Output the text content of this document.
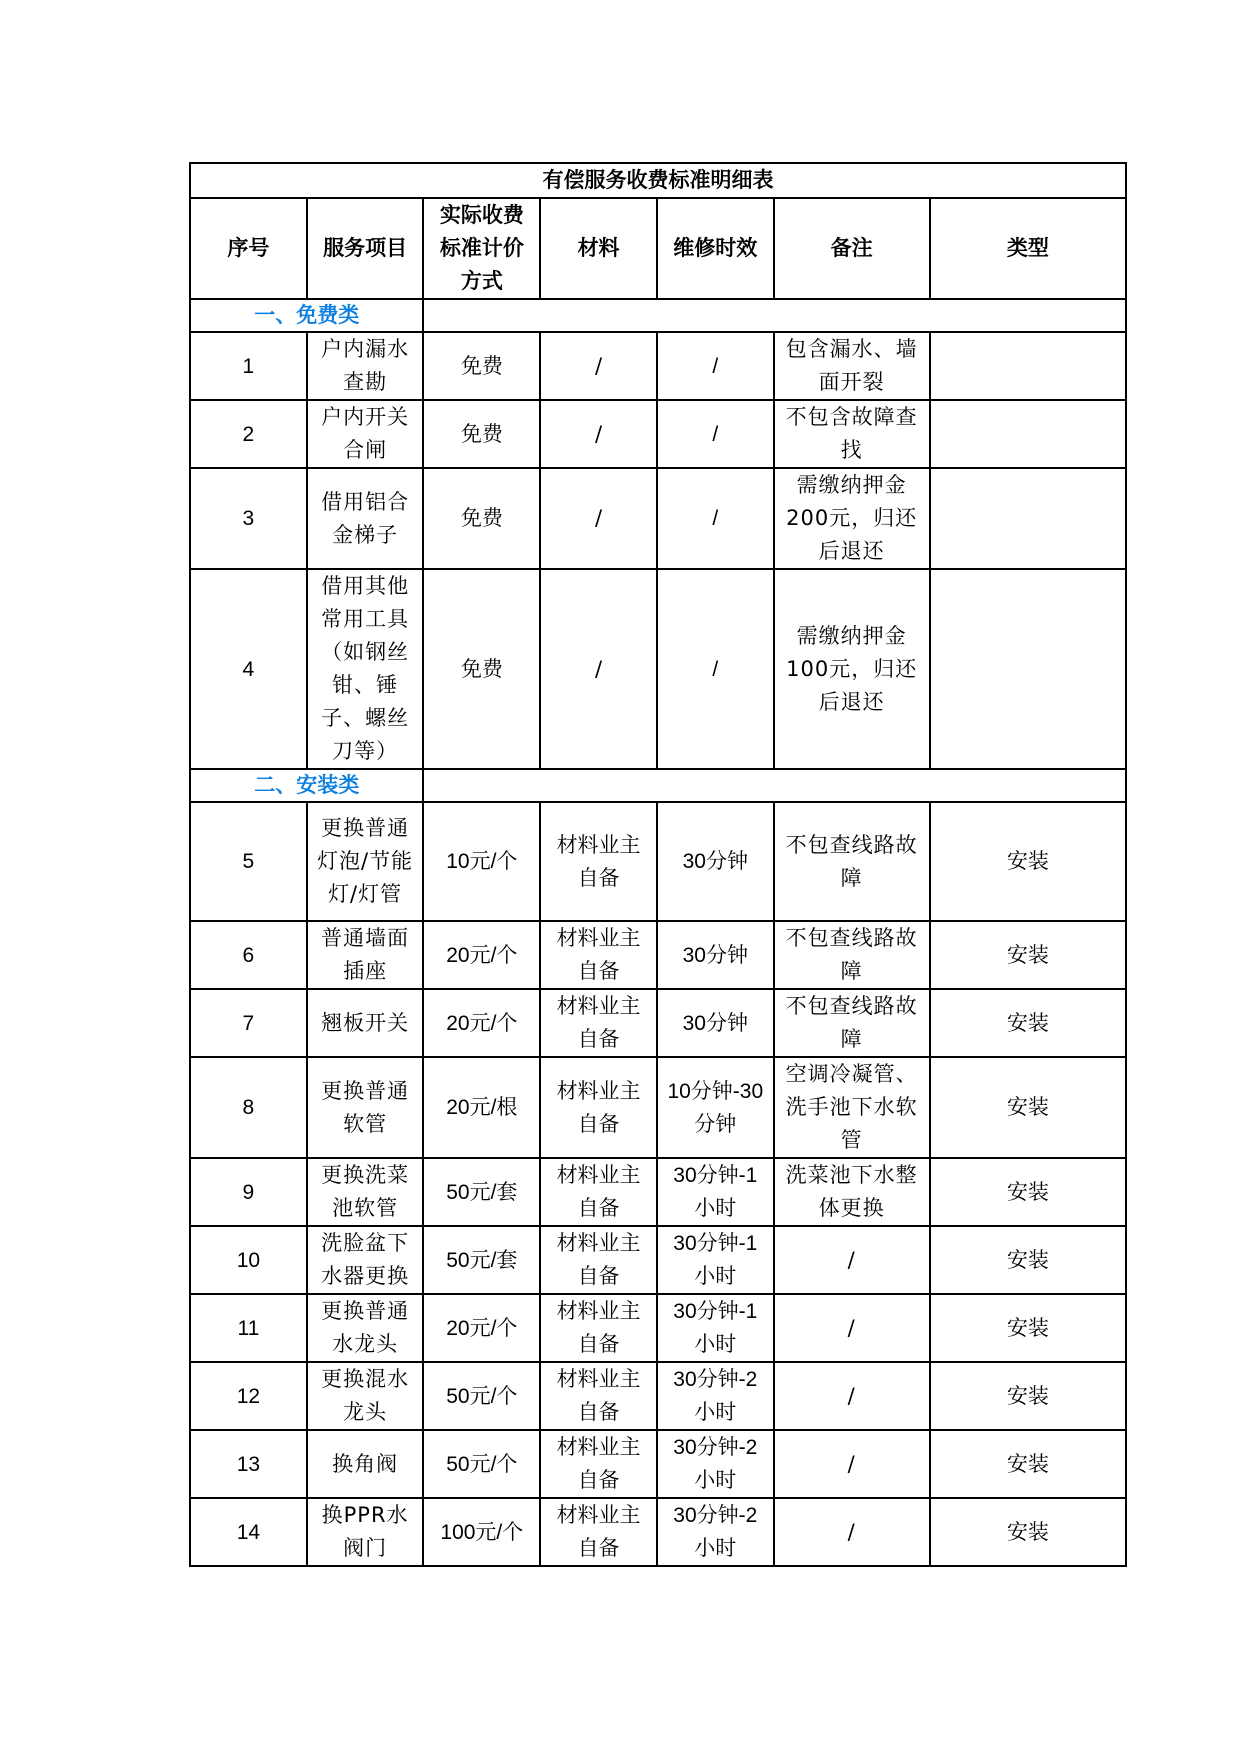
有偿服务收费标准明细表						
序号	服务项目	实际收费标准计价方式	材料	维修时效	备注	类型
一、免费类						
1	户内漏水查勘	免费	/	/	包含漏水、墙面开裂	
2	户内开关合闸	免费	/	/	不包含故障查找	
3	借用铝合金梯子	免费	/	/	需缴纳押金200元，归还后退还	
4	借用其他常用工具（如钢丝钳、锤子、螺丝刀等）	免费	/	/	需缴纳押金100元，归还后退还	
二、安装类						
5	更换普通灯泡/节能灯/灯管	10元/个	材料业主自备	30分钟	不包查线路故障	安装
6	普通墙面插座	20元/个	材料业主自备	30分钟	不包查线路故障	安装
7	翘板开关	20元/个	材料业主自备	30分钟	不包查线路故障	安装
8	更换普通软管	20元/根	材料业主自备	10分钟-30分钟	空调冷凝管、洗手池下水软管	安装
9	更换洗菜池软管	50元/套	材料业主自备	30分钟-1小时	洗菜池下水整体更换	安装
10	洗脸盆下水器更换	50元/套	材料业主自备	30分钟-1小时	/	安装
11	更换普通水龙头	20元/个	材料业主自备	30分钟-1小时	/	安装
12	更换混水龙头	50元/个	材料业主自备	30分钟-2小时	/	安装
13	换角阀	50元/个	材料业主自备	30分钟-2小时	/	安装
14	换PPR水阀门	100元/个	材料业主自备	30分钟-2小时	/	安装
